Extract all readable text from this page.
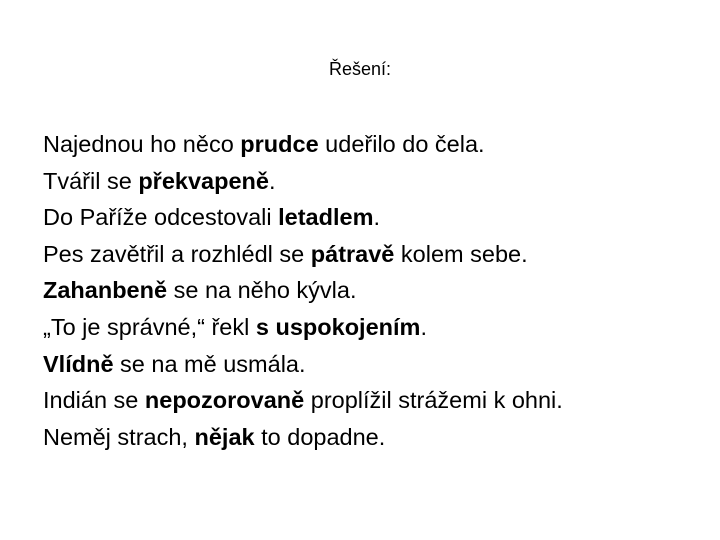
Řešení:
Najednou ho něco prudce udeřilo do čela.
Tvářil se překvapeně.
Do Paříže odcestovali letadlem.
Pes zavětřil a rozhlédl se pátravě kolem sebe.
Zahanbeně se na něho kývla.
„To je správné,“ řekl s uspokojením.
Vlídně se na mě usmála.
Indián se nepozorovaně proplížil strážemi k ohni.
Neměj strach, nějak to dopadne.
